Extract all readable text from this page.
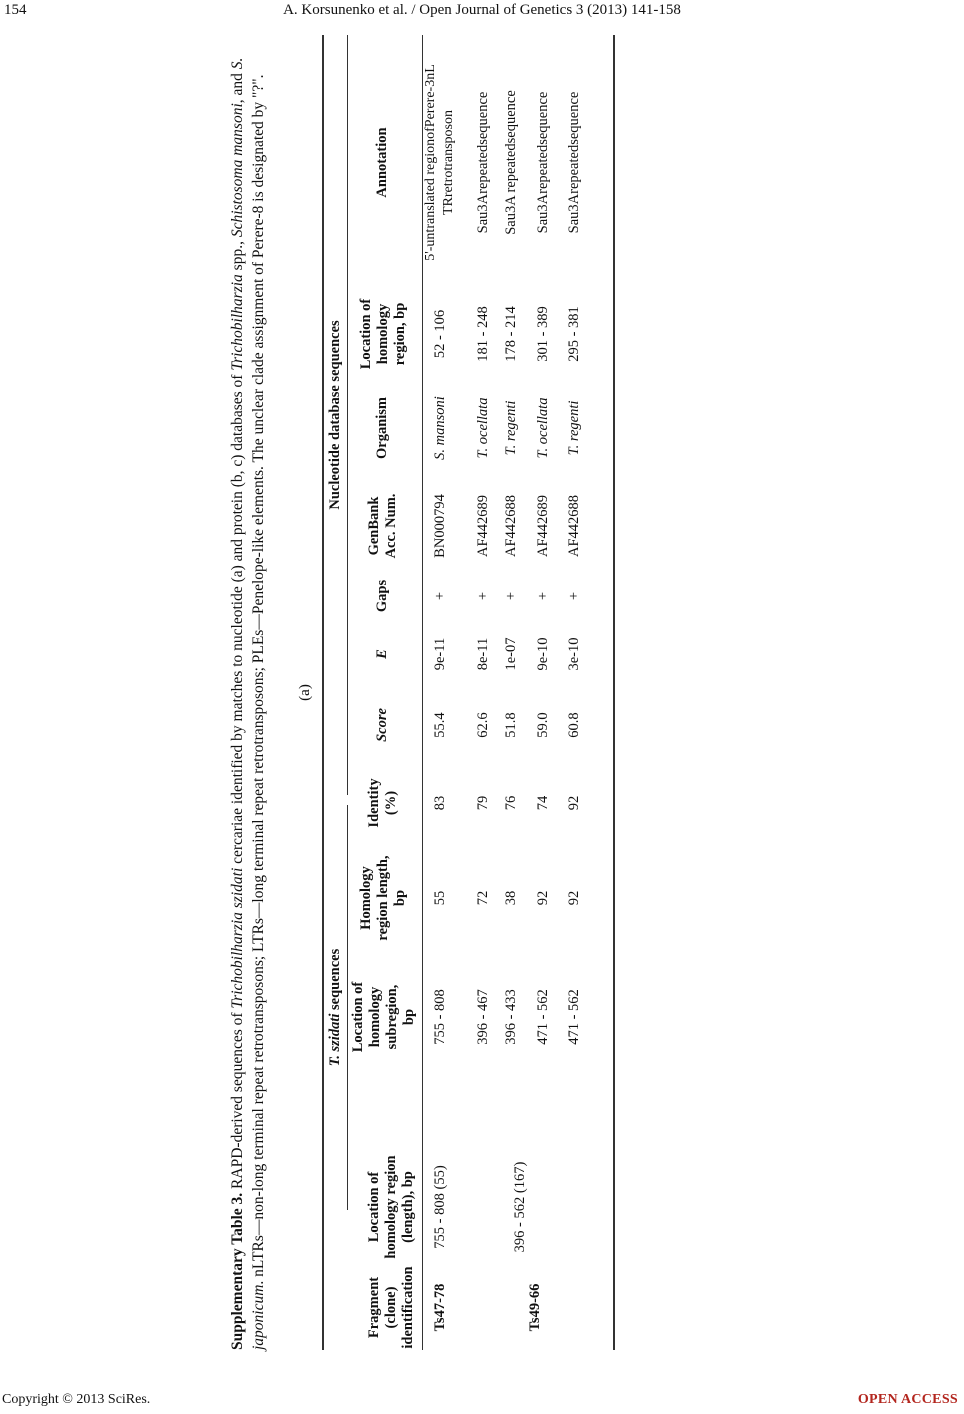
154	A. Korsunenko et al. / Open Journal of Genetics 3 (2013) 141-158
Supplementary Table 3. RAPD-derived sequences of Trichobilharzia szidati cercariae identified by matches to nucleotide (a) and protein (b, c) databases of Trichobilharzia spp., Schistosoma mansoni, and S. japonicum. nLTRs—non-long terminal repeat retrotransposons; LTRs—long terminal repeat retrotransposons; PLEs—Penelope-like elements. The unclear clade assignment of Perere-8 is designated by "?". (a)
T. szidati sequences
Nucleotide database sequences
Fragment (clone) identification
Location of homology region (length), bp
Location of homology subregion, bp
Homology region length, bp
Identity (%)
Score
E
Gaps
GenBank Acc. Num.
Organism
Location of homology region, bp
Annotation
Ts47-78
755 - 808 (55)
Ts49-66
396 - 562 (167)
755 - 808
55
83
55.4
9e-11
+
BN000794
S. mansoni
52 - 106
5'-untranslated regionofPerere-3nL TRretrotransposon
396 - 467
72
79
62.6
8e-11
+
AF442689
T. ocellata
181 - 248
Sau3Arepeatedsequence
396 - 433
38
76
51.8
1e-07
+
AF442688
T. regenti
178 - 214
Sau3A repeatedsequence
471 - 562
92
74
59.0
9e-10
+
AF442689
T. ocellata
301 - 389
Sau3Arepeatedsequence
471 - 562
92
92
60.8
3e-10
+
AF442688
T. regenti
295 - 381
Sau3Arepeatedsequence
Copyright © 2013 SciRes.	OPEN ACCESS
